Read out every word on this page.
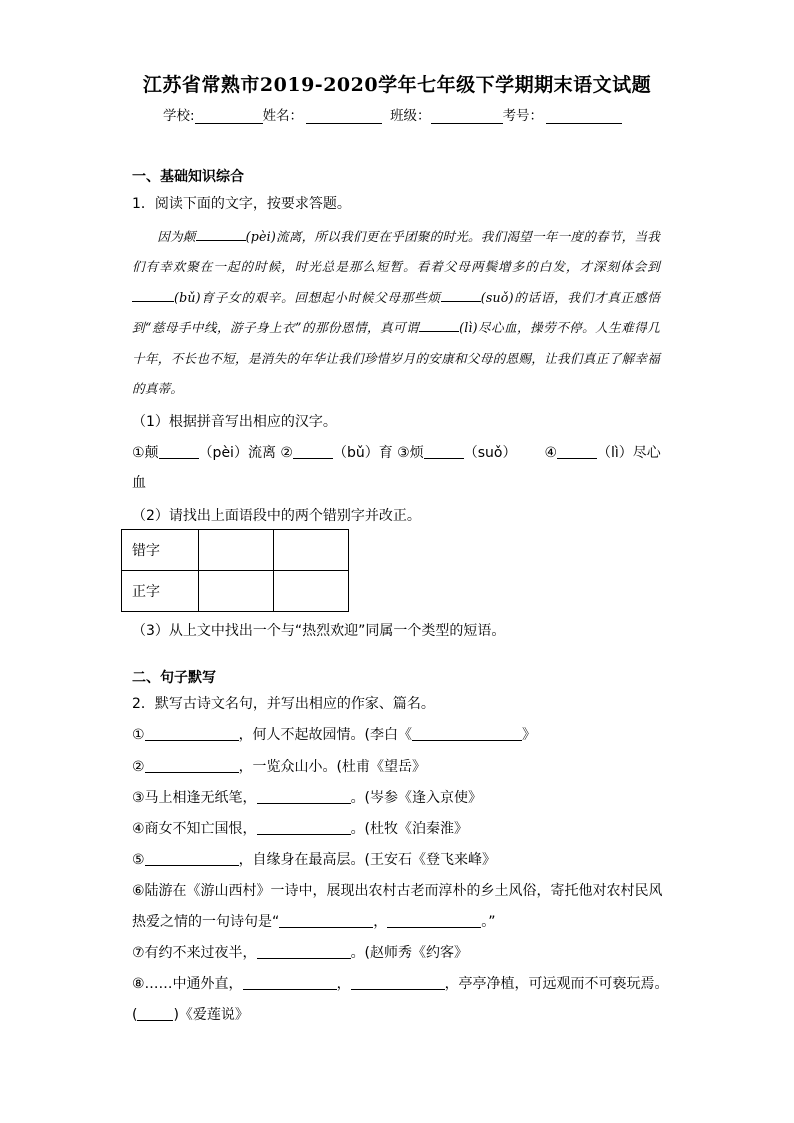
江苏省常熟市2019-2020学年七年级下学期期末语文试题
学校:	姓名：	班级：	考号：
一、基础知识综合
1．阅读下面的文字，按要求答题。
因为颠	(pèi)流离，所以我们更在乎团聚的时光。我们渴望一年一度的春节，当我们有幸欢聚在一起的时候，时光总是那么短暂。看着父母两鬓增多的白发，才深刻体会到(bǔ)育子女的艰辛。回想起小时候父母那些烦	(suǒ)的话语，我们才真正感悟到“慈母手中线，游子身上衣”的那份恩情，真可谓	(lì)尽心血，操劳不停。人生难得几十年，不长也不短，是消失的年华让我们珍惜岁月的安康和父母的恩赐，让我们真正了解幸福的真蒂。
（1）根据拼音写出相应的汉字。
①颠	（pèi）流离 ②	（bǔ）育 ③烦	（suǒ） ④	（lì）尽心
血
（2）请找出上面语段中的两个错别字并改正。
错字		
正字		
（3）从上文中找出一个与“热烈欢迎”同属一个类型的短语。
二、句子默写
2．默写古诗文名句，并写出相应的作家、篇名。
①	，何人不起故园情。(李白《	》
②	，一览众山小。(杜甫《望岳》
③马上相逢无纸笔，	。(岑参《逢入京使》
④商女不知亡国恨，	。(杜牧《泊秦淮》
⑤	，自缘身在最高层。(王安石《登飞来峰》
⑥陆游在《游山西村》一诗中，展现出农村古老而淳朴的乡土风俗，寄托他对农村民风
热爱之情的一句诗句是“	，	。”
⑦有约不来过夜半，	。(赵师秀《约客》
⑧……中通外直，	，	，亭亭净植，可远观而不可亵玩焉。
(	)《爱莲说》
